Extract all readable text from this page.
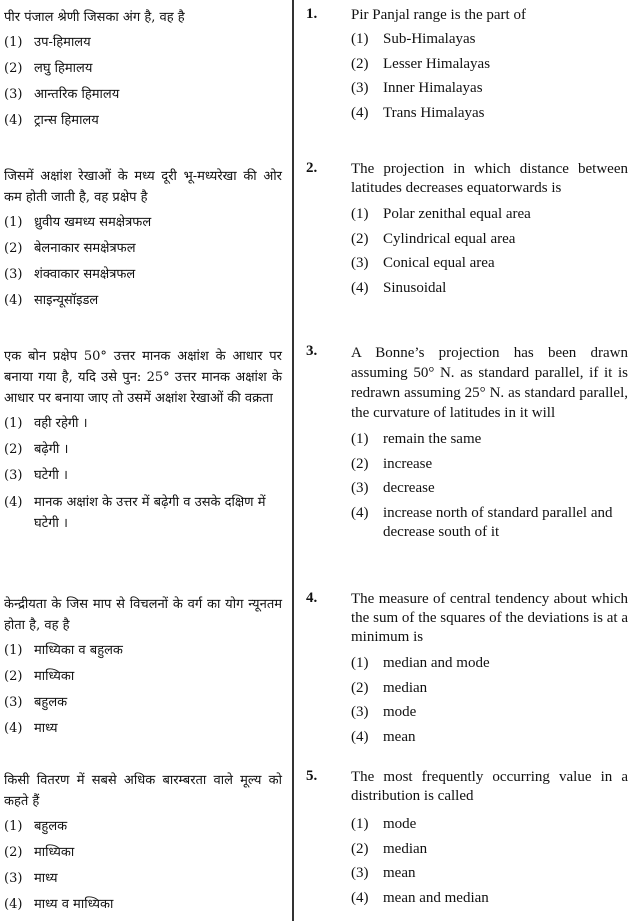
पीर पंजाल श्रेणी जिसका अंग है, वह है
(1) उप-हिमालय
(2) लघु हिमालय
(3) आन्तरिक हिमालय
(4) ट्रान्स हिमालय
जिसमें अक्षांश रेखाओं के मध्य दूरी भू-मध्यरेखा की ओर कम होती जाती है, वह प्रक्षेप है
(1) ध्रुवीय खमध्य समक्षेत्रफल
(2) बेलनाकार समक्षेत्रफल
(3) शंक्वाकार समक्षेत्रफल
(4) साइन्यूसॉइडल
एक बोन प्रक्षेप 50° उत्तर मानक अक्षांश के आधार पर बनाया गया है, यदि उसे पुन: 25° उत्तर मानक अक्षांश के आधार पर बनाया जाए तो उसमें अक्षांश रेखाओं की वक्रता
(1) वही रहेगी ।
(2) बढ़ेगी ।
(3) घटेगी ।
(4) मानक अक्षांश के उत्तर में बढ़ेगी व उसके दक्षिण में घटेगी ।
केन्द्रीयता के जिस माप से विचलनों के वर्ग का योग न्यूनतम होता है, वह है
(1) माध्यिका व बहुलक
(2) माध्यिका
(3) बहुलक
(4) माध्य
किसी वितरण में सबसे अधिक बारम्बरता वाले मूल्य को कहते हैं
(1) बहुलक
(2) माध्यिका
(3) माध्य
(4) माध्य व माध्यिका
1.	Pir Panjal range is the part of
(1) Sub-Himalayas
(2) Lesser Himalayas
(3) Inner Himalayas
(4) Trans Himalayas
2.	The projection in which distance between latitudes decreases equatorwards is
(1) Polar zenithal equal area
(2) Cylindrical equal area
(3) Conical equal area
(4) Sinusoidal
3.	A Bonne’s projection has been drawn assuming 50° N. as standard parallel, if it is redrawn assuming 25° N. as standard parallel, the curvature of latitudes in it will
(1) remain the same
(2) increase
(3) decrease
(4) increase north of standard parallel and decrease south of it
4.	The measure of central tendency about which the sum of the squares of the deviations is at a minimum is
(1) median and mode
(2) median
(3) mode
(4) mean
5.	The most frequently occurring value in a distribution is called
(1) mode
(2) median
(3) mean
(4) mean and median
